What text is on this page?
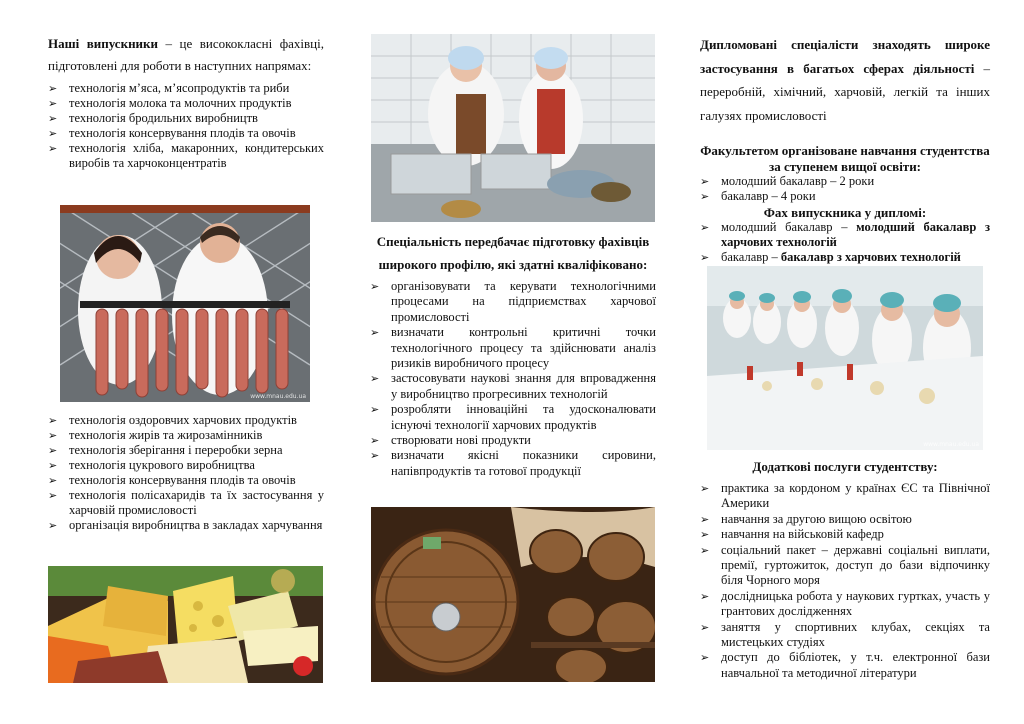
Наші випускники – це висококласні фахівці, підготовлені для роботи в наступних напрямах:

➢ технологія м’яса, м’ясопродуктів та риби
➢ технологія молока та молочних продуктів
➢ технологія бродильних виробництв
➢ технологія консервування плодів та овочів
➢ технологія хліба, макаронних, кондитерських виробів та харчоконцентратів
www.mnau.edu.ua
➢ технологія оздоровчих харчових продуктів
➢ технологія жирів та жирозамінників
➢ технологія зберігання і переробки зерна
➢ технологія цукрового виробництва
➢ технологія консервування плодів та овочів
➢ технологія полісахаридів та їх застосування у харчовій промисловості
➢ організація виробництва в закладах харчування

Спеціальність передбачає підготовку фахівців широкого профілю, які здатні кваліфіковано:

➢ організовувати та керувати технологічними процесами на підприємствах харчової промисловості
➢ визначати контрольні критичні точки технологічного процесу та здійснювати аналіз ризиків виробничого процесу
➢ застосовувати наукові знання для впровадження у виробництво прогресивних технологій
➢ розробляти інноваційні та удосконалювати існуючі технології харчових продуктів
➢ створювати нові продукти
➢ визначати якісні показники сировини, напівпродуктів та готової продукції

Дипломовані спеціалісти знаходять широке застосування в багатьох сферах діяльності – переробній, хімічний, харчовій, легкій та інших галузях промисловості

Факультетом організоване навчання студентства за ступенем вищої освіти:

➢ молодший бакалавр – 2 роки
➢ бакалавр – 4 роки

Фах випускника у дипломі:

➢ молодший бакалавр – молодший бакалавр з харчових технологій
➢ бакалавр – бакалавр з харчових технологій
www.mnau.edu.ua

Додаткові послуги студентству:

➢ практика за кордоном у країнах ЄС та Північної Америки
➢ навчання за другою вищою освітою
➢ навчання на військовій кафедр
➢ соціальний пакет – державні соціальні виплати, премії, гуртожиток, доступ до бази відпочинку біля Чорного моря
➢ дослідницька робота у наукових гуртках, участь у грантових дослідженнях
➢ заняття у спортивних клубах, секціях та мистецьких студіях
➢ доступ до бібліотек, у т.ч. електронної бази навчальної та методичної літератури
